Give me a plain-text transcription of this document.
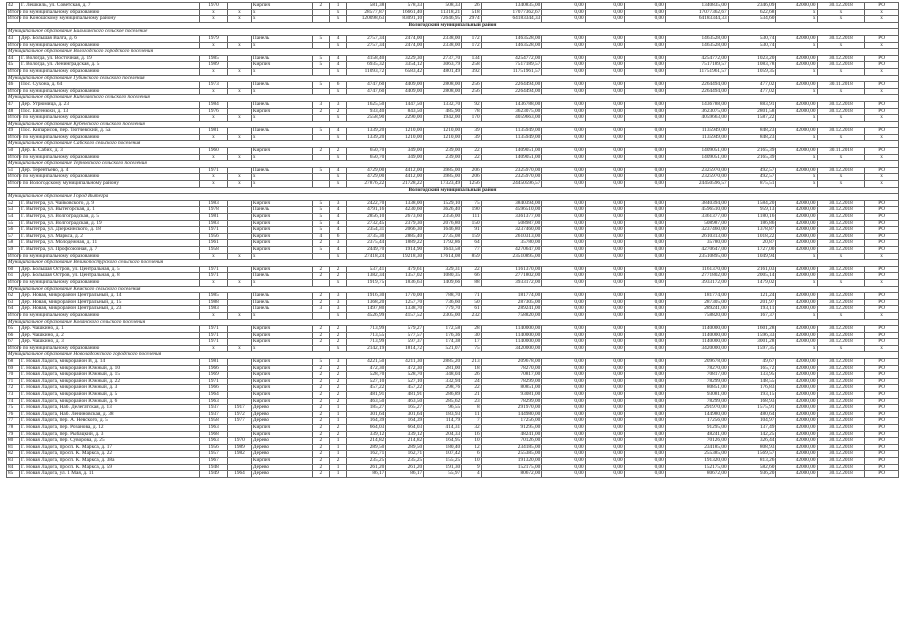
42	Г. Лешкиль, ул. Советская, д. 7	1970		Кирпич	2	1	581,38	578,33	508,33	26	1340835,00	0,00	0,00	0,00	1340835,00	2346,09	42000,00	30.12.2018	РО
Итого по муниципальному образованию		x	x	x		x	28577,87	16661,40	11318,21	518	17077362,67	0,00	0,00	0,00	17077362,67	622,68	x	x	x
Итого по Коношскому муниципальному району		x	x	x		x	120098,63	83091,10	72646,95	2974	64183344,33	0,00	0,00	0,00	64183344,33	534,60	x	x	x
Вологодский муниципальный район																			
Муниципальное образование Билькинского сельское поселение																			
43	Дер. Большая Валга, д. 6	1979		Панель	5	4	2757,34	2474,00	2338,00	172	1463528,00	0,00	0,00	0,00	1463528,00	530,74	42000,00	30.12.2018	РО
Итого по муниципальному образованию		x	x	x		x	2757,34	2474,00	2338,00	172	1463528,00	0,00	0,00	0,00	1463528,00	530,74	x	x	x
Муниципальное образование Вологодского городского поселения																			
44	Г. Вологда, ул. Восточная, д. 19	1985		Панель	5	4	4158,40	3229,30	2737,70	134	4254772,00	0,00	0,00	0,00	4254772,00	1023,20	42000,00	30.12.2018	РО
45	Г. Вологда, ул. Ленинградская, д. 5	1989		Кирпич	5	4	6935,32	3354,12	3063,79	258	7517189,57	0,00	0,00	0,00	7517189,57	1083,78	42000,00	30.12.2018	РО
Итого по муниципальному образованию		x	x	x		x	11093,72	6583,42	4801,49	392	11751961,57	0,00	0,00	0,00	11751961,57	1059,35	x	x	x
Муниципальное образование Губинского сельского поселения																			
46	Пос. Сухона, д. 64	1973		Панель	5	6	4747,60	4409,00	2808,00	256	2264494,00	0,00	0,00	0,00	2264494,00	477,02	42000,00	30.11.2018	РО
Итого по муниципальному образованию		x	x	x		x	4747,60	4409,00	2808,00	256	2264494,00	0,00	0,00	0,00	2264494,00	477,02	x	x	x
Муниципальное образование Кипелавского сельского поселения																			
47	Дер. Угрюмица, д. 23	1984		Панель	3	3	1625,50	1447,50	1332,70	92	1436788,00	0,00	0,00	0,00	1436788,00	883,91	42000,00	30.12.2018	РО
48	Пос. Евгенюхи, д. 13	1976		Кирпич	2	2	933,40	843,50	485,90	78	3623075,00	0,00	0,00	0,00	3623075,00	2801,58	42000,00	30.12.2018	РО
Итого по муниципальному образованию		x	x	x		x	2558,90	2290,00	1942,00	170	4059663,00	0,00	0,00	0,00	4059663,00	1587,22	x	x	x
Муниципальное образование Кубенского сельского поселения																			
49	Пос. Кипарисов, пер. Тютчевский, д. 5а	1981		Панель	5	4	1339,20	1210,00	1210,00	39	1135949,00	0,00	0,00	0,00	1135949,00	848,23	42000,00	30.12.2018	РО
Итого по муниципальному образованию		x	x	x		x	1339,20	1210,00	1210,00	39	1135949,00	0,00	0,00	0,00	1135949,00	848,23	x	x	x
Муниципальное образование Сабского сельского поселения																			
50	Дер. Б. Сабих, д. 3	1960		Кирпич	2	2	650,70	349,00	239,00	22	1409051,00	0,00	0,00	0,00	1409051,00	2165,39	42000,00	30.11.2018	РО
Итого по муниципальному образованию		x	x	x		x	650,70	349,00	239,00	22	1409051,00	0,00	0,00	0,00	1409051,00	2165,39	x	x	x
Муниципальное образование Терновского сельского поселения																			
51	Дер. Терентьево, д. 4	1971		Панель	5	4	4729,00	4412,00	3985,00	206	2325970,00	0,00	0,00	0,00	2325970,00	492,57	42000,00	30.12.2018	РО
Итого по муниципальному образованию		x	x	x		x	4729,00	4412,00	3985,00	206	2325970,00	0,00	0,00	0,00	2325970,00	492,57	x	x	x
Итого по Вологодскому муниципальному району		x	x	x		x	27876,22	21728,22	17323,49	1256	24450596,57	0,00	0,00	0,00	24450596,57	875,51	x	x	x
Вологодский муниципальный район																			
Муниципальное образование Город Вытегра																			
52	Г. Вытегра, ул. Чайковского, д. 9	1983		Кирпич	5	3	2422,70	1338,00	1529,10	75	3840394,00	0,00	0,00	0,00	3840394,00	1584,20	42000,00	30.12.2018	РО
53	Г. Вытегра, ул. Вытегорская, д. 1	1978		Панель	5	4	4791,16	4230,60	3626,40	190	4596510,00	0,00	0,00	0,00	4596510,00	959,13	42000,00	30.12.2018	РО
54	Г. Вытегра, ул. Волгоградская, д. 5	1981		Кирпич	5	4	2856,10	2673,60	2356,00	111	3361377,00	0,00	0,00	0,00	3361377,00	1180,16	42000,00	30.12.2018	РО
55	Г. Вытегра, ул. Волгоградская, д. 19	1983		Кирпич	5	4	2732,45	2379,30	2076,80	150	508987,00	0,00	0,00	0,00	508987,00	186,86	42000,00	30.12.2018	РО
56	Г. Вытегра, ул. Дзержинского, д. 18	1971		Кирпич	5	4	2354,31	2066,30	1646,80	91	3237460,00	0,00	0,00	0,00	3237460,00	1378,87	42000,00	30.12.2018	РО
57	Г. Вытегра, ул. Маркса, д. 2	1956		Кирпич	4	6	3735,30	2885,40	2735,08	159	2610313,00	0,00	0,00	0,00	2610313,00	1018,22	42000,00	30.12.2018	РО
58	Г. Вытегра, ул. Молодёжная, д. 11	1961		Кирпич	2	3	2375,44	1889,22	1792,86	64	35780,00	0,00	0,00	0,00	35780,00	20,87	42000,00	30.12.2018	РО
59	Г. Вытегра, ул. Профсоюзная, д. 7	1958		Кирпич	5	4	2449,70	1914,90	1643,58	77	4270647,00	0,00	0,00	0,00	4270647,00	1727,00	42000,00	30.12.2018	РО
Итого по муниципальному образованию		x	x	x		x	27418,24	19218,30	17614,08	859	23510895,00	0,00	0,00	0,00	23510895,00	1049,94	x	x	x
Муниципальное образование Великопостурского сельского поселения																			
60	Дер. Большая Остров, ул. Центральная, д. 5	1971		Кирпич	2	2	537,41	479,61	329,31	22	1161370,00	0,00	0,00	0,00	1161370,00	2161,03	42000,00	30.12.2018	РО
61	Дер. Большая Остров, ул. Центральная, д. 8	1971		Панель	2	2	1382,34	1357,02	1080,35	66	2771802,00	0,00	0,00	0,00	2771802,00	2005,14	42000,00	30.12.2018	РО
Итого по муниципальному образованию		x	x	x		x	1919,75	1836,63	1409,66	88	3933172,00	0,00	0,00	0,00	3933172,00	1479,02	x	x	x
Муниципальное образование Кемского сельского поселения																			
62	Дер. Новая, микрорайон Центральный, д. 14	1985		Панель	2	3	1916,30	1770,00	788,70	71	181774,00	0,00	0,00	0,00	181774,00	121,24	42000,00	30.12.2018	РО
63	Дер. Новая, микрорайон Центральный, д. 15	1988		Панель	2	3	1368,20	1257,70	736,60	50	287305,00	0,00	0,00	0,00	287305,00	201,97	42000,00	30.12.2018	РО
64	Дер. Новая, микрорайон Центральный, д. 23	1983		Панель	3	3	1497,80	1338,70	779,70	61	289241,00	0,00	0,00	0,00	289241,00	193,11	42000,00	30.12.2018	РО
Итого по муниципальному образованию		x	x	x		x	4526,99	4157,52	2305,00	232	758820,00	0,00	0,00	0,00	758820,00	167,37	x	x	x
Муниципальное образование Кованского сельского поселения																			
65	Дер. Чашкино, д. 1	1971		Кирпич	2	2	713,99	579,27	172,58	28	1140000,00	0,00	0,00	0,00	1140000,00	1601,28	42000,00	30.12.2018	РО
66	Дер. Чашкино, д. 2	1971		Кирпич	2	2	713,55	577,57	176,36	30	1140000,00	0,00	0,00	0,00	1140000,00	1596,33	42000,00	30.12.2018	РО
67	Дер. Чашкино, д. 3	1971		Кирпич	2	2	713,99	597,37	174,38	17	1140000,00	0,00	0,00	0,00	1140000,00	3001,28	42000,00	30.12.2018	РО
Итого по муниципальному образованию		x	x	x		x	2142,19	1814,72	521,07	75	3420000,00	0,00	0,00	0,00	3420000,00	1597,35	x	x	x
Муниципальное образование Новоладожского городского поселения																			
68	Г. Новая Ладога, микрорайон В, д. 14	1981		Кирпич	5	3	4221,50	4211,30	2885,20	213	209678,00	0,00	0,00	0,00	209678,00	49,67	42000,00	30.12.2018	РО
69	Г. Новая Ладога, микрорайон Южный, д. 10	1966		Кирпич	2	2	472,30	472,30	281,00	18	78270,00	0,00	0,00	0,00	78270,00	165,72	42000,00	30.12.2018	РО
70	Г. Новая Ладога, микрорайон Южный, д. 15	1969		Кирпич	2	2	528,70	528,70	348,04	26	70817,00	0,00	0,00	0,00	70817,00	133,95	42000,00	30.12.2018	РО
71	Г. Новая Ладога, микрорайон Южный, д. 22	1971		Кирпич	2	2	527,10	527,10	332,94	24	78299,00	0,00	0,00	0,00	78299,00	148,55	42000,00	30.12.2018	РО
72	Г. Новая Ладога, микрорайон Южный, д. 3	1966		Кирпич	2	2	457,22	457,22	298,76	22	80851,00	0,00	0,00	0,00	80851,00	176,83	42000,00	30.12.2018	РО
73	Г. Новая Ладога, микрорайон Южный, д. 5	1964		Кирпич	2	2	481,91	481,91	286,89	21	93081,00	0,00	0,00	0,00	93081,00	193,15	42000,00	30.12.2018	РО
74	Г. Новая Ладога, микрорайон Южный, д. 6	1963		Кирпич	2	2	463,50	463,50	285,62	23	78299,00	0,00	0,00	0,00	78299,00	168,93	42000,00	30.12.2018	РО
75	Г. Новая Ладога, Наб. Делегатская, д. 13	1937	1917	Дерево	2	1	185,27	165,27	96,55	8	291970,00	0,00	0,00	0,00	291970,00	1575,91	42000,00	30.12.2018	РО
76	Г. Новая Ладога, Наб. Лениновская, д. 38	1937	1972	Дерево	2	1	301,64	301,64	183,93	11	144980,00	0,00	0,00	0,00	144980,00	480,64	42000,00	30.12.2018	РО
77	Г. Новая Ладога, пер. А. Невского, д. 5	1958	1977	Дерево	2	1	164,39	164,39	114,79	7	17256,00	0,00	0,00	0,00	17256,00	104,97	42000,00	30.12.2018	РО
78	Г. Новая Ладога, пер. Розанова, д. 12	1963		Кирпич	2	2	664,03	664,03	414,31	32	91295,00	0,00	0,00	0,00	91295,00	137,49	42000,00	30.12.2018	РО
79	Г. Новая Ладога, пер. Рыбацкий, д. 3	1968		Кирпич	2	2	339,12	339,12	204,33	16	48241,00	0,00	0,00	0,00	48241,00	142,25	42000,00	30.12.2018	РО
80	Г. Новая Ладога, пер. Суворова, д. 25	1963	1970	Дерево	2	1	214,82	214,82	164,95	10	70126,00	0,00	0,00	0,00	70126,00	326,44	42000,00	30.12.2018	РО
81	Г. Новая Ладога, просп. К. Маркса, д. 17	1956	1989	Дерево	2	1	289,50	289,50	180,40	12	234185,00	0,00	0,00	0,00	234185,00	808,93	42000,00	30.12.2018	РО
82	Г. Новая Ладога, просп. К. Маркса, д. 22	1957	1982	Дерево	2	1	162,71	162,71	107,42	6	255385,00	0,00	0,00	0,00	255385,00	1569,57	42000,00	30.12.2018	РО
83	Г. Новая Ладога, просп. К. Маркса, д. 38а	1967		Кирпич	2	2	235,25	235,25	155,25	10	191320,00	0,00	0,00	0,00	191320,00	813,26	42000,00	30.12.2018	РО
84	Г. Новая Ладога, просп. К. Маркса, д. 59	1948		Дерево	2	1	261,20	261,20	191,30	9	152175,00	0,00	0,00	0,00	152175,00	582,60	42000,00	30.12.2018	РО
85	Г. Новая Ладога, ул. 1 Мая, д. 11	1949	1964	Дерево	2	1	86,17	86,17	55,97	4	80672,00	0,00	0,00	0,00	80672,00	936,20	42000,00	30.12.2018	РО
